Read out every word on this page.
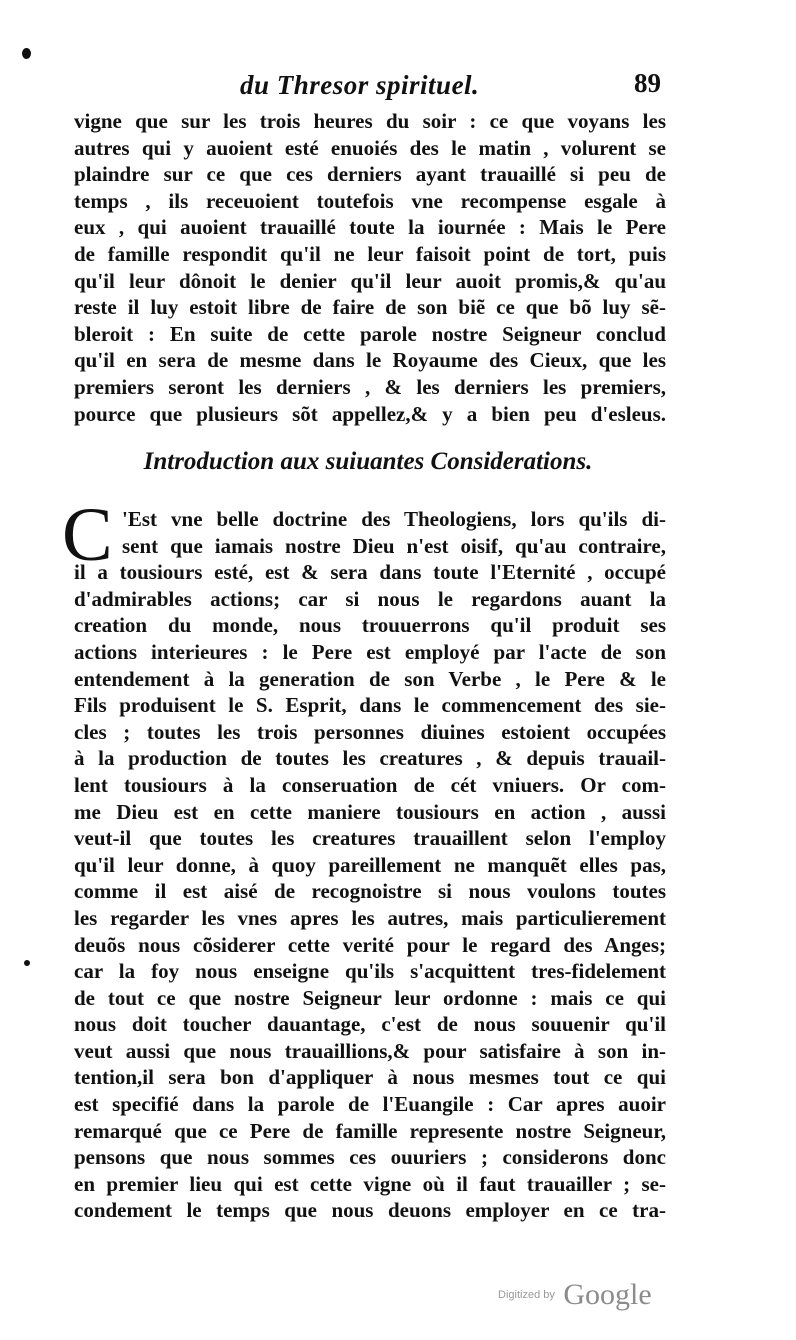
du Thresor spirituel.	89
vigne que sur les trois heures du soir : ce que voyans les
autres qui y auoient esté enuoiés des le matin , volurent se
plaindre sur ce que ces derniers ayant trauaillé si peu de
temps , ils receuoient toutefois vne recompense esgale à
eux , qui auoient trauaillé toute la iournée : Mais le Pere
de famille respondit qu'il ne leur faisoit point de tort, puis
qu'il leur dônoit le denier qu'il leur auoit promis,& qu'au
reste il luy estoit libre de faire de son biẽ ce que bõ luy sẽ-
bleroit : En suite de cette parole nostre Seigneur conclud
qu'il en sera de mesme dans le Royaume des Cieux, que les
premiers seront les derniers , & les derniers les premiers,
pource que plusieurs sõt appellez,& y a bien peu d'esleus.
Introduction aux suiuantes Considerations.
C 'Est vne belle doctrine des Theologiens, lors qu'ils di-
sent que iamais nostre Dieu n'est oisif, qu'au contraire,
il a tousiours esté, est & sera dans toute l'Eternité , occupé
d'admirables actions; car si nous le regardons auant la
creation du monde, nous trouuerrons qu'il produit ses
actions interieures : le Pere est employé par l'acte de son
entendement à la generation de son Verbe , le Pere & le
Fils produisent le S. Esprit, dans le commencement des sie-
cles ; toutes les trois personnes diuines estoient occupées
à la production de toutes les creatures , & depuis trauail-
lent tousiours à la conseruation de cét vniuers. Or com-
me Dieu est en cette maniere tousiours en action , aussi
veut-il que toutes les creatures trauaillent selon l'employ
qu'il leur donne, à quoy pareillement ne manquẽt elles pas,
comme il est aisé de recognoistre si nous voulons toutes
les regarder les vnes apres les autres, mais particulierement
deuõs nous cõsiderer cette verité pour le regard des Anges;
car la foy nous enseigne qu'ils s'acquittent tres-fidelement
de tout ce que nostre Seigneur leur ordonne : mais ce qui
nous doit toucher dauantage, c'est de nous souuenir qu'il
veut aussi que nous trauaillions,& pour satisfaire à son in-
tention,il sera bon d'appliquer à nous mesmes tout ce qui
est specifié dans la parole de l'Euangile : Car apres auoir
remarqué que ce Pere de famille represente nostre Seigneur,
pensons que nous sommes ces ouuriers ; considerons donc
en premier lieu qui est cette vigne où il faut trauailler ; se-
condement le temps que nous deuons employer en ce tra-
Digitized by Google
